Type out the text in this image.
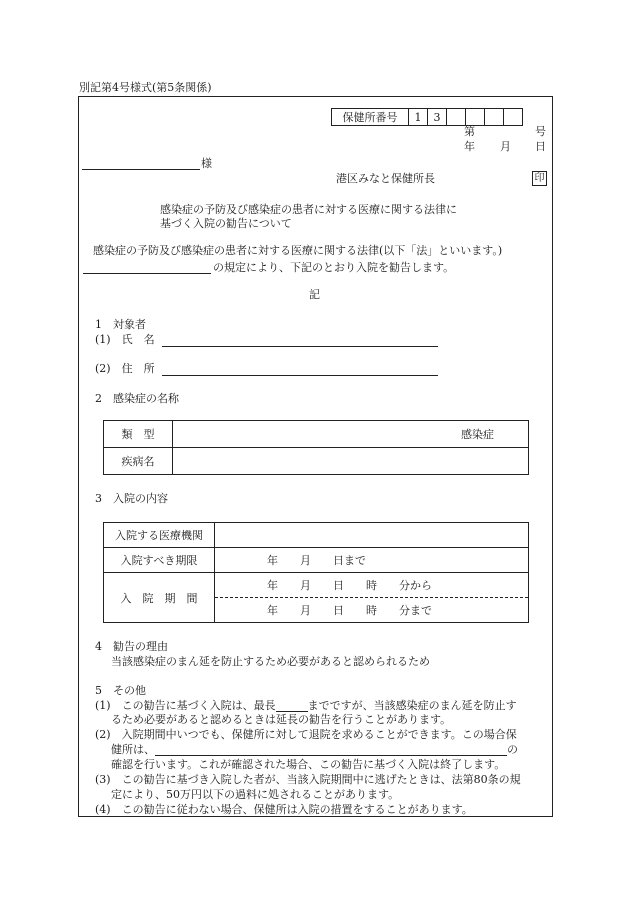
別記第4号様式(第5条関係)
保健所番号	1	3				
第	号
年 月 日
様
港区みなと保健所長	印
感染症の予防及び感染症の患者に対する医療に関する法律に
基づく入院の勧告について
感染症の予防及び感染症の患者に対する医療に関する法律(以下「法」といいます。)
の規定により、下記のとおり入院を勧告します。
記
1　対象者
(1)　氏　名
(2)　住　所
2　感染症の名称
類　型	感染症
疾病名	
3　入院の内容
入院する医療機関	
入院すべき期限	年　　月　　日まで
入　院　期　間	年　　月　　日　　時　　分から
	年　　月　　日　　時　　分まで
4　勧告の理由
当該感染症のまん延を防止するため必要があると認められるため
5　その他
(1)　この勧告に基づく入院は、最長	までですが、当該感染症のまん延を防止す
るため必要があると認めるときは延長の勧告を行うことがあります。
(2)　入院期間中いつでも、保健所に対して退院を求めることができます。この場合保
健所は、	の
確認を行います。これが確認された場合、この勧告に基づく入院は終了します。
(3)　この勧告に基づき入院した者が、当該入院期間中に逃げたときは、法第80条の規
定により、50万円以下の過料に処されることがあります。
(4)　この勧告に従わない場合、保健所は入院の措置をすることがあります。
